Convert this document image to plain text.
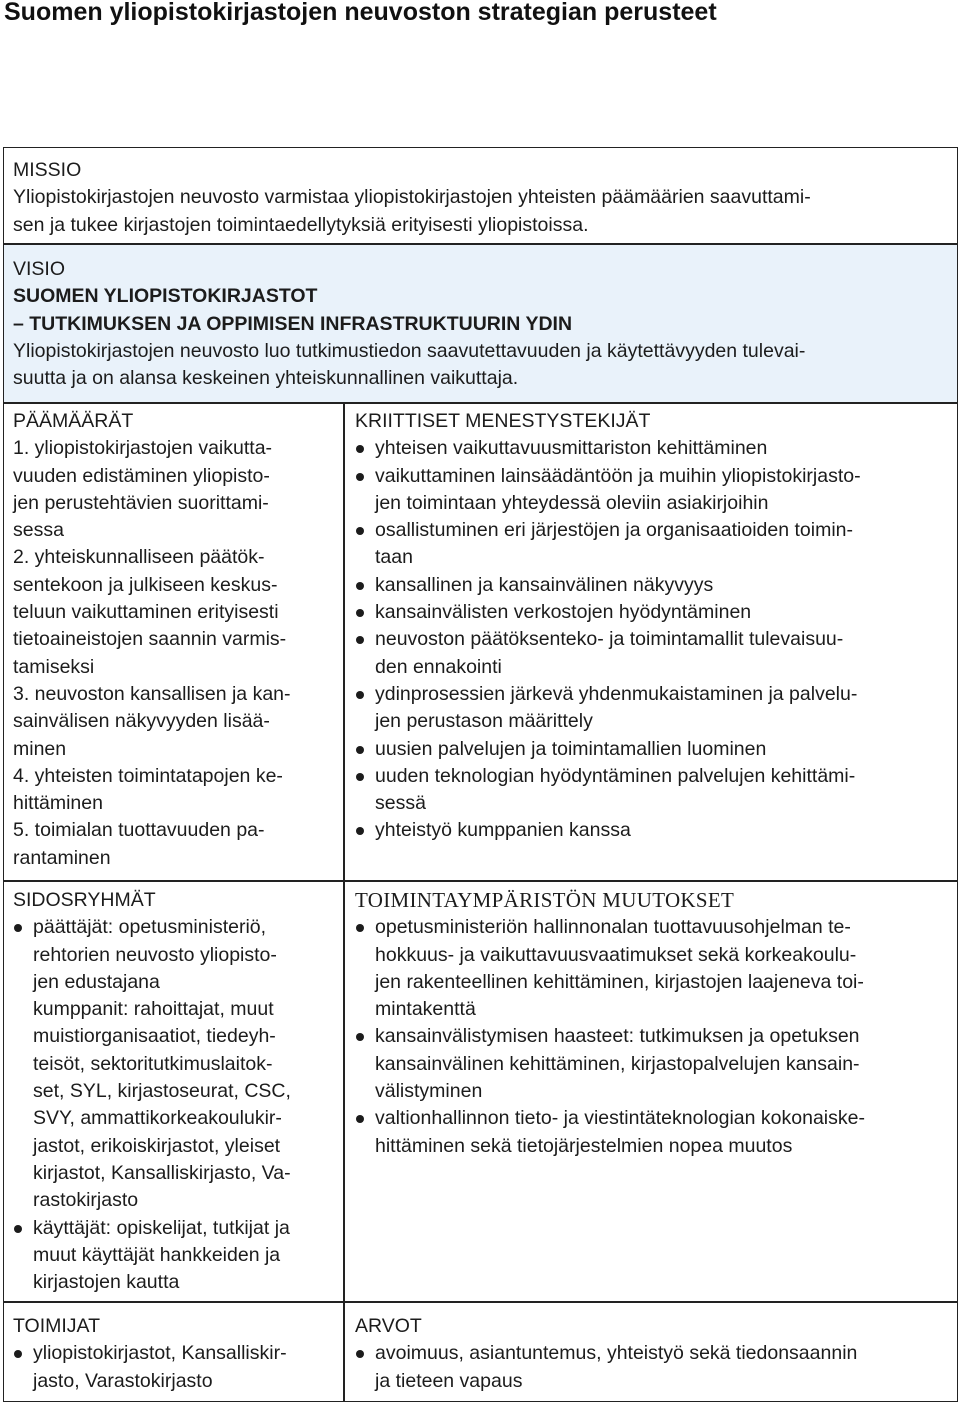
Suomen yliopistokirjastojen neuvoston strategian perusteet
MISSIO
Yliopistokirjastojen neuvosto varmistaa yliopistokirjastojen yhteisten päämäärien saavuttami-
sen ja tukee kirjastojen toimintaedellytyksiä erityisesti yliopistoissa.
VISIO
SUOMEN YLIOPISTOKIRJASTOT
– TUTKIMUKSEN JA OPPIMISEN INFRASTRUKTUURIN YDIN
Yliopistokirjastojen neuvosto luo tutkimustiedon saavutettavuuden ja käytettävyyden tulevai-
suutta ja on alansa keskeinen yhteiskunnallinen vaikuttaja.
PÄÄMÄÄRÄT
1. yliopistokirjastojen vaikutta-
vuuden edistäminen yliopisto-
jen perustehtävien suorittami-
sessa
2. yhteiskunnalliseen päätök-
sentekoon ja julkiseen keskus-
teluun vaikuttaminen erityisesti
tietoaineistojen saannin varmis-
tamiseksi
3. neuvoston kansallisen ja kan-
sainvälisen näkyvyyden lisää-
minen
4. yhteisten toimintatapojen ke-
hittäminen
5. toimialan tuottavuuden pa-
rantaminen
KRIITTISET MENESTYSTEKIJÄT
yhteisen vaikuttavuusmittariston kehittäminen
vaikuttaminen lainsäädäntöön ja muihin yliopistokirjasto-
jen toimintaan yhteydessä oleviin asiakirjoihin
osallistuminen eri järjestöjen ja organisaatioiden toimin-
taan
kansallinen ja kansainvälinen näkyvyys
kansainvälisten verkostojen hyödyntäminen
neuvoston päätöksenteko- ja toimintamallit tulevaisuu-
den ennakointi
ydinprosessien järkevä yhdenmukaistaminen ja palvelu-
jen perustason määrittely
uusien palvelujen ja toimintamallien luominen
uuden teknologian hyödyntäminen palvelujen kehittämi-
sessä
yhteistyö kumppanien kanssa
SIDOSRYHMÄT
päättäjät: opetusministeriö,
rehtorien neuvosto yliopisto-
jen edustajana
kumppanit: rahoittajat, muut
muistiorganisaatiot, tiedeyh-
teisöt, sektoritutkimuslaitok-
set, SYL, kirjastoseurat, CSC,
SVY, ammattikorkeakoulukir-
jastot, erikoiskirjastot, yleiset
kirjastot, Kansalliskirjasto, Va-
rastokirjasto
käyttäjät: opiskelijat, tutkijat ja
muut käyttäjät hankkeiden ja
kirjastojen kautta
TOIMINTAYMPÄRISTÖN MUUTOKSET
opetusministeriön hallinnonalan tuottavuusohjelman te-
hokkuus- ja vaikuttavuusvaatimukset sekä korkeakoulu-
jen rakenteellinen kehittäminen, kirjastojen laajeneva toi-
mintakenttä
kansainvälistymisen haasteet: tutkimuksen ja opetuksen
kansainvälinen kehittäminen, kirjastopalvelujen kansain-
välistyminen
valtionhallinnon tieto- ja viestintäteknologian kokonaiske-
hittäminen sekä tietojärjestelmien nopea muutos
TOIMIJAT
yliopistokirjastot, Kansalliskir-
jasto, Varastokirjasto
ARVOT
avoimuus, asiantuntemus, yhteistyö sekä tiedonsaannin
ja tieteen vapaus
